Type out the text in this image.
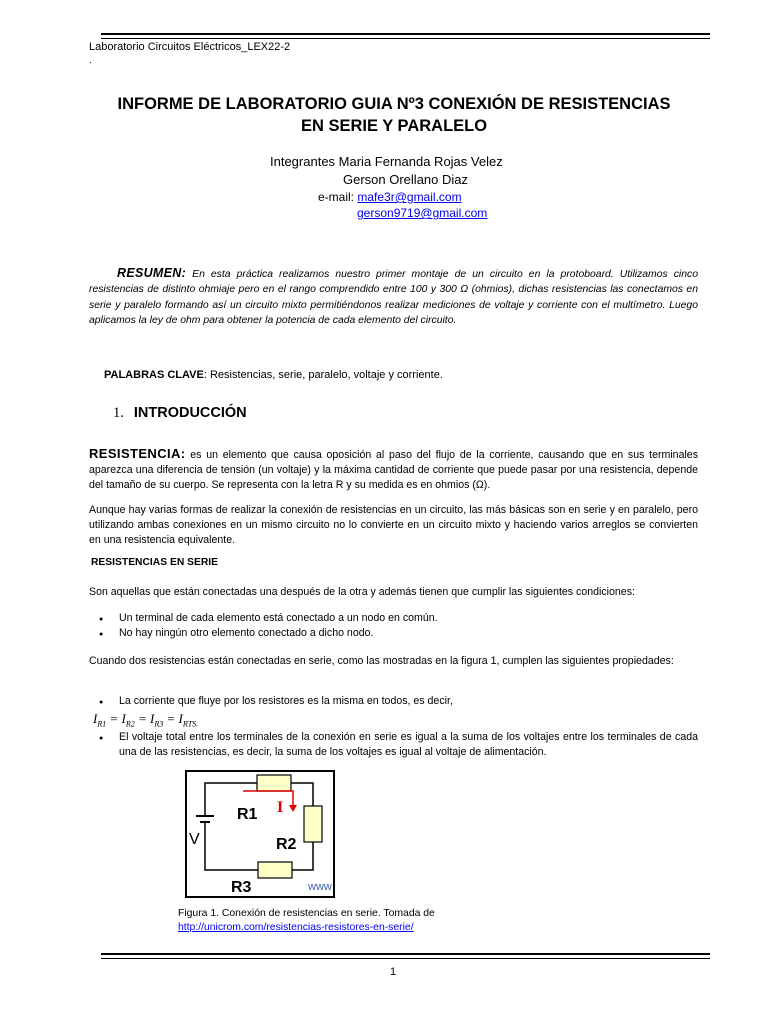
Laboratorio Circuitos Eléctricos_LEX22-2
.
INFORME DE LABORATORIO GUIA Nº3 CONEXIÓN DE RESISTENCIAS
EN SERIE Y PARALELO
Integrantes Maria Fernanda Rojas Velez
Gerson Orellano Diaz
e-mail: mafe3r@gmail.com
gerson9719@gmail.com
RESUMEN: En esta práctica realizamos nuestro primer montaje de un circuito en la protoboard. Utilizamos cinco resistencias de distinto ohmiaje pero en el rango comprendido entre 100 y 300 Ω (ohmios), dichas resistencias las conectamos en serie y paralelo formando así un circuito mixto permitiéndonos realizar mediciones de voltaje y corriente con el multímetro. Luego aplicamos la ley de ohm para obtener la potencia de cada elemento del circuito.
PALABRAS CLAVE: Resistencias, serie, paralelo, voltaje y corriente.
1. INTRODUCCIÓN
RESISTENCIA: es un elemento que causa oposición al paso del flujo de la corriente, causando que en sus terminales aparezca una diferencia de tensión (un voltaje) y la máxima cantidad de corriente que puede pasar por una resistencia, depende del tamaño de su cuerpo. Se representa con la letra R y su medida es en ohmios (Ω).
Aunque hay varias formas de realizar la conexión de resistencias en un circuito, las más básicas son en serie y en paralelo, pero utilizando ambas conexiones en un mismo circuito no lo convierte en un circuito mixto y haciendo varios arreglos se convierten en una resistencia equivalente.
RESISTENCIAS EN SERIE
Son aquellas que están conectadas una después de la otra y además tienen que cumplir las siguientes condiciones:
● Un terminal de cada elemento está conectado a un nodo en común.
● No hay ningún otro elemento conectado a dicho nodo.
Cuando dos resistencias están conectadas en serie, como las mostradas en la figura 1, cumplen las siguientes propiedades:
● La corriente que fluye por los resistores es la misma en todos, es decir,
$I_{R1} = I_{R2} = I_{R3} = I_{RTS.}$
● El voltaje total entre los terminales de la conexión en serie es igual a la suma de los voltajes entre los terminales de cada una de las resistencias, es decir, la suma de los voltajes es igual al voltaje de alimentación.
R1 I
R2
V
R3	www
Figura 1. Conexión de resistencias en serie. Tomada de
http://unicrom.com/resistencias-resistores-en-serie/
1
